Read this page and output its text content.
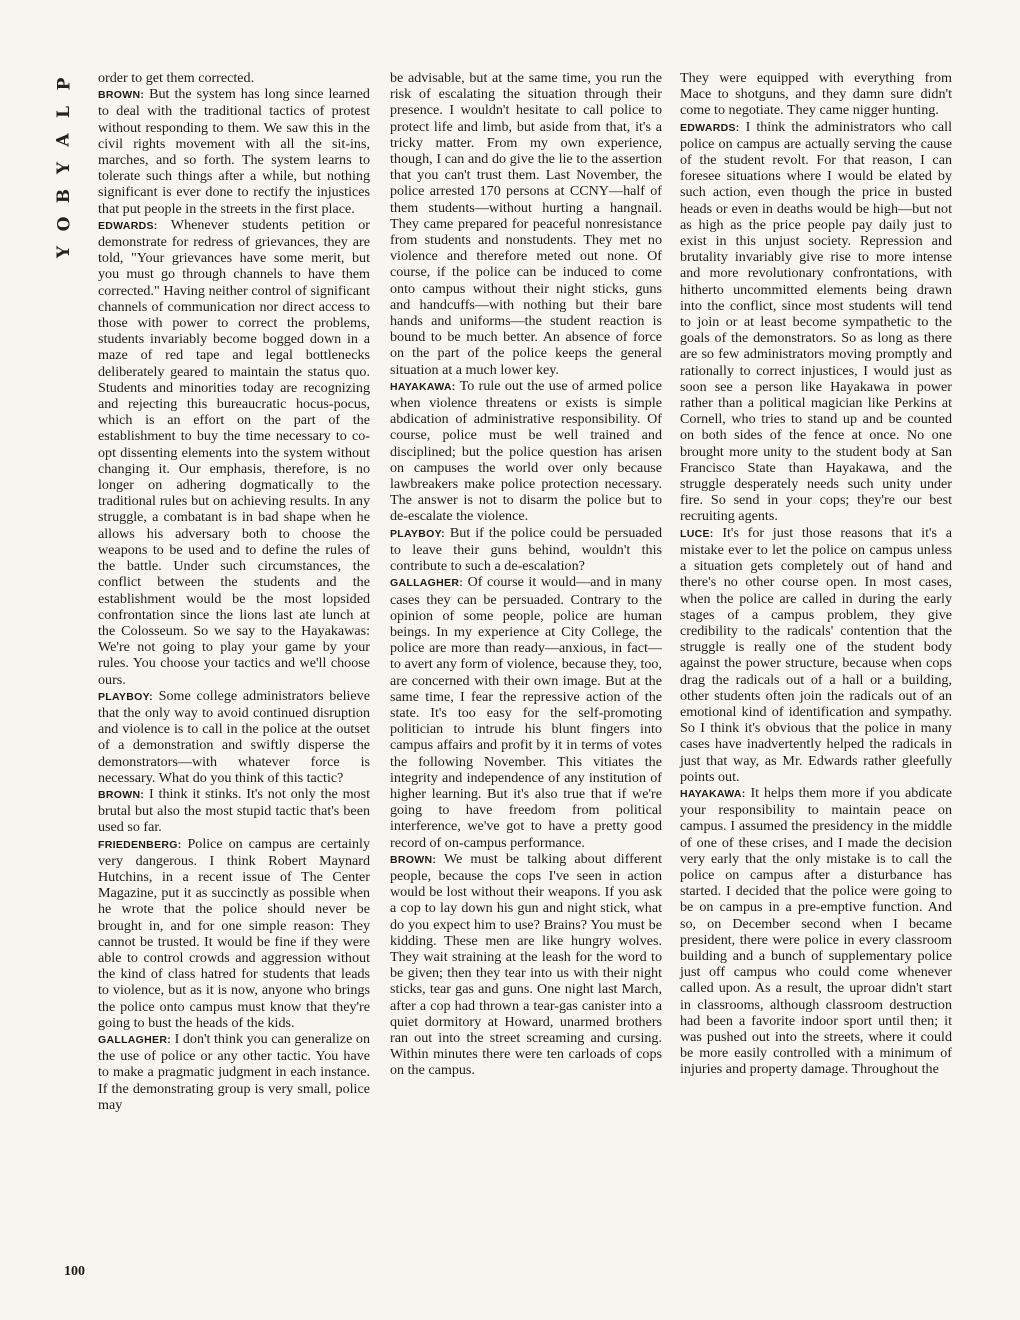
P
L
A
Y
B
O
Y

order to get them corrected.

BROWN: But the system has long since learned to deal with the traditional tactics of protest without responding to them. We saw this in the civil rights movement with all the sit-ins, marches, and so forth. The system learns to tolerate such things after a while, but nothing significant is ever done to rectify the injustices that put people in the streets in the first place.

EDWARDS: Whenever students petition or demonstrate for redress of grievances, they are told, "Your grievances have some merit, but you must go through channels to have them corrected." Having neither control of significant channels of communication nor direct access to those with power to correct the problems, students invariably become bogged down in a maze of red tape and legal bottlenecks deliberately geared to maintain the status quo. Students and minorities today are recognizing and rejecting this bureaucratic hocus-pocus, which is an effort on the part of the establishment to buy the time necessary to co-opt dissenting elements into the system without changing it. Our emphasis, therefore, is no longer on adhering dogmatically to the traditional rules but on achieving results. In any struggle, a combatant is in bad shape when he allows his adversary both to choose the weapons to be used and to define the rules of the battle. Under such circumstances, the conflict between the students and the establishment would be the most lopsided confrontation since the lions last ate lunch at the Colosseum. So we say to the Hayakawas: We're not going to play your game by your rules. You choose your tactics and we'll choose ours.

PLAYBOY: Some college administrators believe that the only way to avoid continued disruption and violence is to call in the police at the outset of a demonstration and swiftly disperse the demonstrators—with whatever force is necessary. What do you think of this tactic?

BROWN: I think it stinks. It's not only the most brutal but also the most stupid tactic that's been used so far.

FRIEDENBERG: Police on campus are certainly very dangerous. I think Robert Maynard Hutchins, in a recent issue of The Center Magazine, put it as succinctly as possible when he wrote that the police should never be brought in, and for one simple reason: They cannot be trusted. It would be fine if they were able to control crowds and aggression without the kind of class hatred for students that leads to violence, but as it is now, anyone who brings the police onto campus must know that they're going to bust the heads of the kids.

GALLAGHER: I don't think you can generalize on the use of police or any other tactic. You have to make a pragmatic judgment in each instance. If the demonstrating group is very small, police may

be advisable, but at the same time, you run the risk of escalating the situation through their presence. I wouldn't hesitate to call police to protect life and limb, but aside from that, it's a tricky matter. From my own experience, though, I can and do give the lie to the assertion that you can't trust them. Last November, the police arrested 170 persons at CCNY—half of them students—without hurting a hangnail. They came prepared for peaceful nonresistance from students and nonstudents. They met no violence and therefore meted out none. Of course, if the police can be induced to come onto campus without their night sticks, guns and handcuffs—with nothing but their bare hands and uniforms—the student reaction is bound to be much better. An absence of force on the part of the police keeps the general situation at a much lower key.

HAYAKAWA: To rule out the use of armed police when violence threatens or exists is simple abdication of administrative responsibility. Of course, police must be well trained and disciplined; but the police question has arisen on campuses the world over only because lawbreakers make police protection necessary. The answer is not to disarm the police but to de-escalate the violence.

PLAYBOY: But if the police could be persuaded to leave their guns behind, wouldn't this contribute to such a de-escalation?

GALLAGHER: Of course it would—and in many cases they can be persuaded. Contrary to the opinion of some people, police are human beings. In my experience at City College, the police are more than ready—anxious, in fact—to avert any form of violence, because they, too, are concerned with their own image. But at the same time, I fear the repressive action of the state. It's too easy for the self-promoting politician to intrude his blunt fingers into campus affairs and profit by it in terms of votes the following November. This vitiates the integrity and independence of any institution of higher learning. But it's also true that if we're going to have freedom from political interference, we've got to have a pretty good record of on-campus performance.

BROWN: We must be talking about different people, because the cops I've seen in action would be lost without their weapons. If you ask a cop to lay down his gun and night stick, what do you expect him to use? Brains? You must be kidding. These men are like hungry wolves. They wait straining at the leash for the word to be given; then they tear into us with their night sticks, tear gas and guns. One night last March, after a cop had thrown a tear-gas canister into a quiet dormitory at Howard, unarmed brothers ran out into the street screaming and cursing. Within minutes there were ten carloads of cops on the campus.

They were equipped with everything from Mace to shotguns, and they damn sure didn't come to negotiate. They came nigger hunting.

EDWARDS: I think the administrators who call police on campus are actually serving the cause of the student revolt. For that reason, I can foresee situations where I would be elated by such action, even though the price in busted heads or even in deaths would be high—but not as high as the price people pay daily just to exist in this unjust society. Repression and brutality invariably give rise to more intense and more revolutionary confrontations, with hitherto uncommitted elements being drawn into the conflict, since most students will tend to join or at least become sympathetic to the goals of the demonstrators. So as long as there are so few administrators moving promptly and rationally to correct injustices, I would just as soon see a person like Hayakawa in power rather than a political magician like Perkins at Cornell, who tries to stand up and be counted on both sides of the fence at once. No one brought more unity to the student body at San Francisco State than Hayakawa, and the struggle desperately needs such unity under fire. So send in your cops; they're our best recruiting agents.

LUCE: It's for just those reasons that it's a mistake ever to let the police on campus unless a situation gets completely out of hand and there's no other course open. In most cases, when the police are called in during the early stages of a campus problem, they give credibility to the radicals' contention that the struggle is really one of the student body against the power structure, because when cops drag the radicals out of a hall or a building, other students often join the radicals out of an emotional kind of identification and sympathy. So I think it's obvious that the police in many cases have inadvertently helped the radicals in just that way, as Mr. Edwards rather gleefully points out.

HAYAKAWA: It helps them more if you abdicate your responsibility to maintain peace on campus. I assumed the presidency in the middle of one of these crises, and I made the decision very early that the only mistake is to call the police on campus after a disturbance has started. I decided that the police were going to be on campus in a pre-emptive function. And so, on December second when I became president, there were police in every classroom building and a bunch of supplementary police just off campus who could come whenever called upon. As a result, the uproar didn't start in classrooms, although classroom destruction had been a favorite indoor sport until then; it was pushed out into the streets, where it could be more easily controlled with a minimum of injuries and property damage. Throughout the

100
